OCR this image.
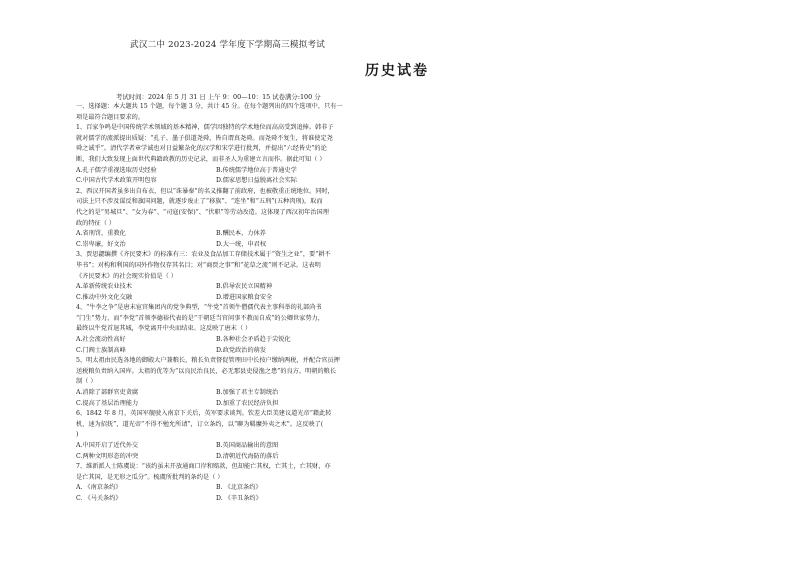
武汉二中 2023-2024 学年度下学期高三模拟考试
历史试卷
考试时间：2024 年 5 月 31 日 上午 9：00—10：15 试卷满分:100 分
一、选择题：本大题共 15 个题，每个题 3 分，共计 45 分。在每个题列出的四个选项中，只有一
项是最符合题目要求的。
1、百家争鸣是中国传统学术领域的基本精神，儒学因独特的学术地位而高高受到追捧。韩非子
就对儒学的流派提出质疑：“孔子、墨子俱道尧舜，皆自谓真尧舜。而尧舜不复生，将谁使定尧
舜之诚乎”。清代学者章学诚也对日益繁杂化的汉学和宋学进行批判，并提出“六经皆史”的论
断，我们大致发现上面世代典籍政教的历史记录，而非圣人为重建立言而作。据此可知（ ）
A.孔子儒学重视选取历史经验	B.传统儒学地位高于普通史学
C.中国古代学术政策开明包容	D.儒家思想日益脱离社会实际
2、西汉开国者虽多出自布衣，但以“诛暴秦”的名义推翻了前政府，也被敬重正统地位。同时，
司法上只不涉及谋反和旗国问题，就逐步废止了“移族”、“连坐”和“五刑”(五种肉刑)，取而
代之的是“男城旦”、“女为春”、“司寇(安保)”、“伏职”等劳动改造。这体现了西汉初年治国理
政的特征（ ）
A.省刑罚，重教化	B.酬民本，力休养
C.崇卑廉，好文治	D.大一统，申君权
3、贾思勰编撰《齐民要术》的标准有三：农业及食品加工存储技术属于“资生之业”，要“耕不
毕书”；对构和利国的国外作物仅存其名目；对“商贾之事”和“花草之流”则不记录。这表明
《齐民要术》的社会现实价值是（ ）
A.革新传统农业技术	B.倡导农民立国精神
C.推动中外文化交融	D.增进国家粮食安全
4、“牛李之争”是唐末宦官集团内的党争典型，“牛党”首领牛僧孺代表主事科举的礼部尚书
“门生”势力，而“李党”首领李德裕代表的是“干朝廷当官问事不教而自成”的公卿世家势力，
最终以牛党首退其城，李党离开中央而结束。这反映了唐末（ ）
A.社会流动性高好	B.各种社会矛盾趋于尖锐化
C.门阀士族制高峰	D.政党政治的萌发
5、明太祖由民选各地的御殿大户兼粮长，粮长负责督促管理田中长按户缴纳两税，并配合官员押
送税粮负责纳入国库。太祖的优等为“以良民治良民，必无那县吏侵渔之患”的良方。明朝的粮长
制（ ）
A.消除了部群官吏贪腐	B.加强了君主专制统治
C.提高了基层治理能力	D.加重了农民经济负担
6、1842 年 8 月，英国军舰驶入南京下关后，英军要求谈判。钦差大臣美建议道光帝“藉此转
机，速为招抚”，道光帝“不得不勉允所请”，订立条约，以“聊为羁縻外夷之术”。这反映了(
)
A.中国开启了近代外交	B.英国商品输出的意图
C.两种文明形态的冲突	D.清朝近代海防的落后
7、维新派人士陈虞说：“该约虽未开放通商口岸和赔款，但却能亡其权，亡其土，亡其财，亦
是亡其国，是无形之瓜分”。梳虞所批判的条约是（ ）
A. 《南京条约》	B. 《北京条约》
C. 《马关条约》	D. 《辛丑条约》
